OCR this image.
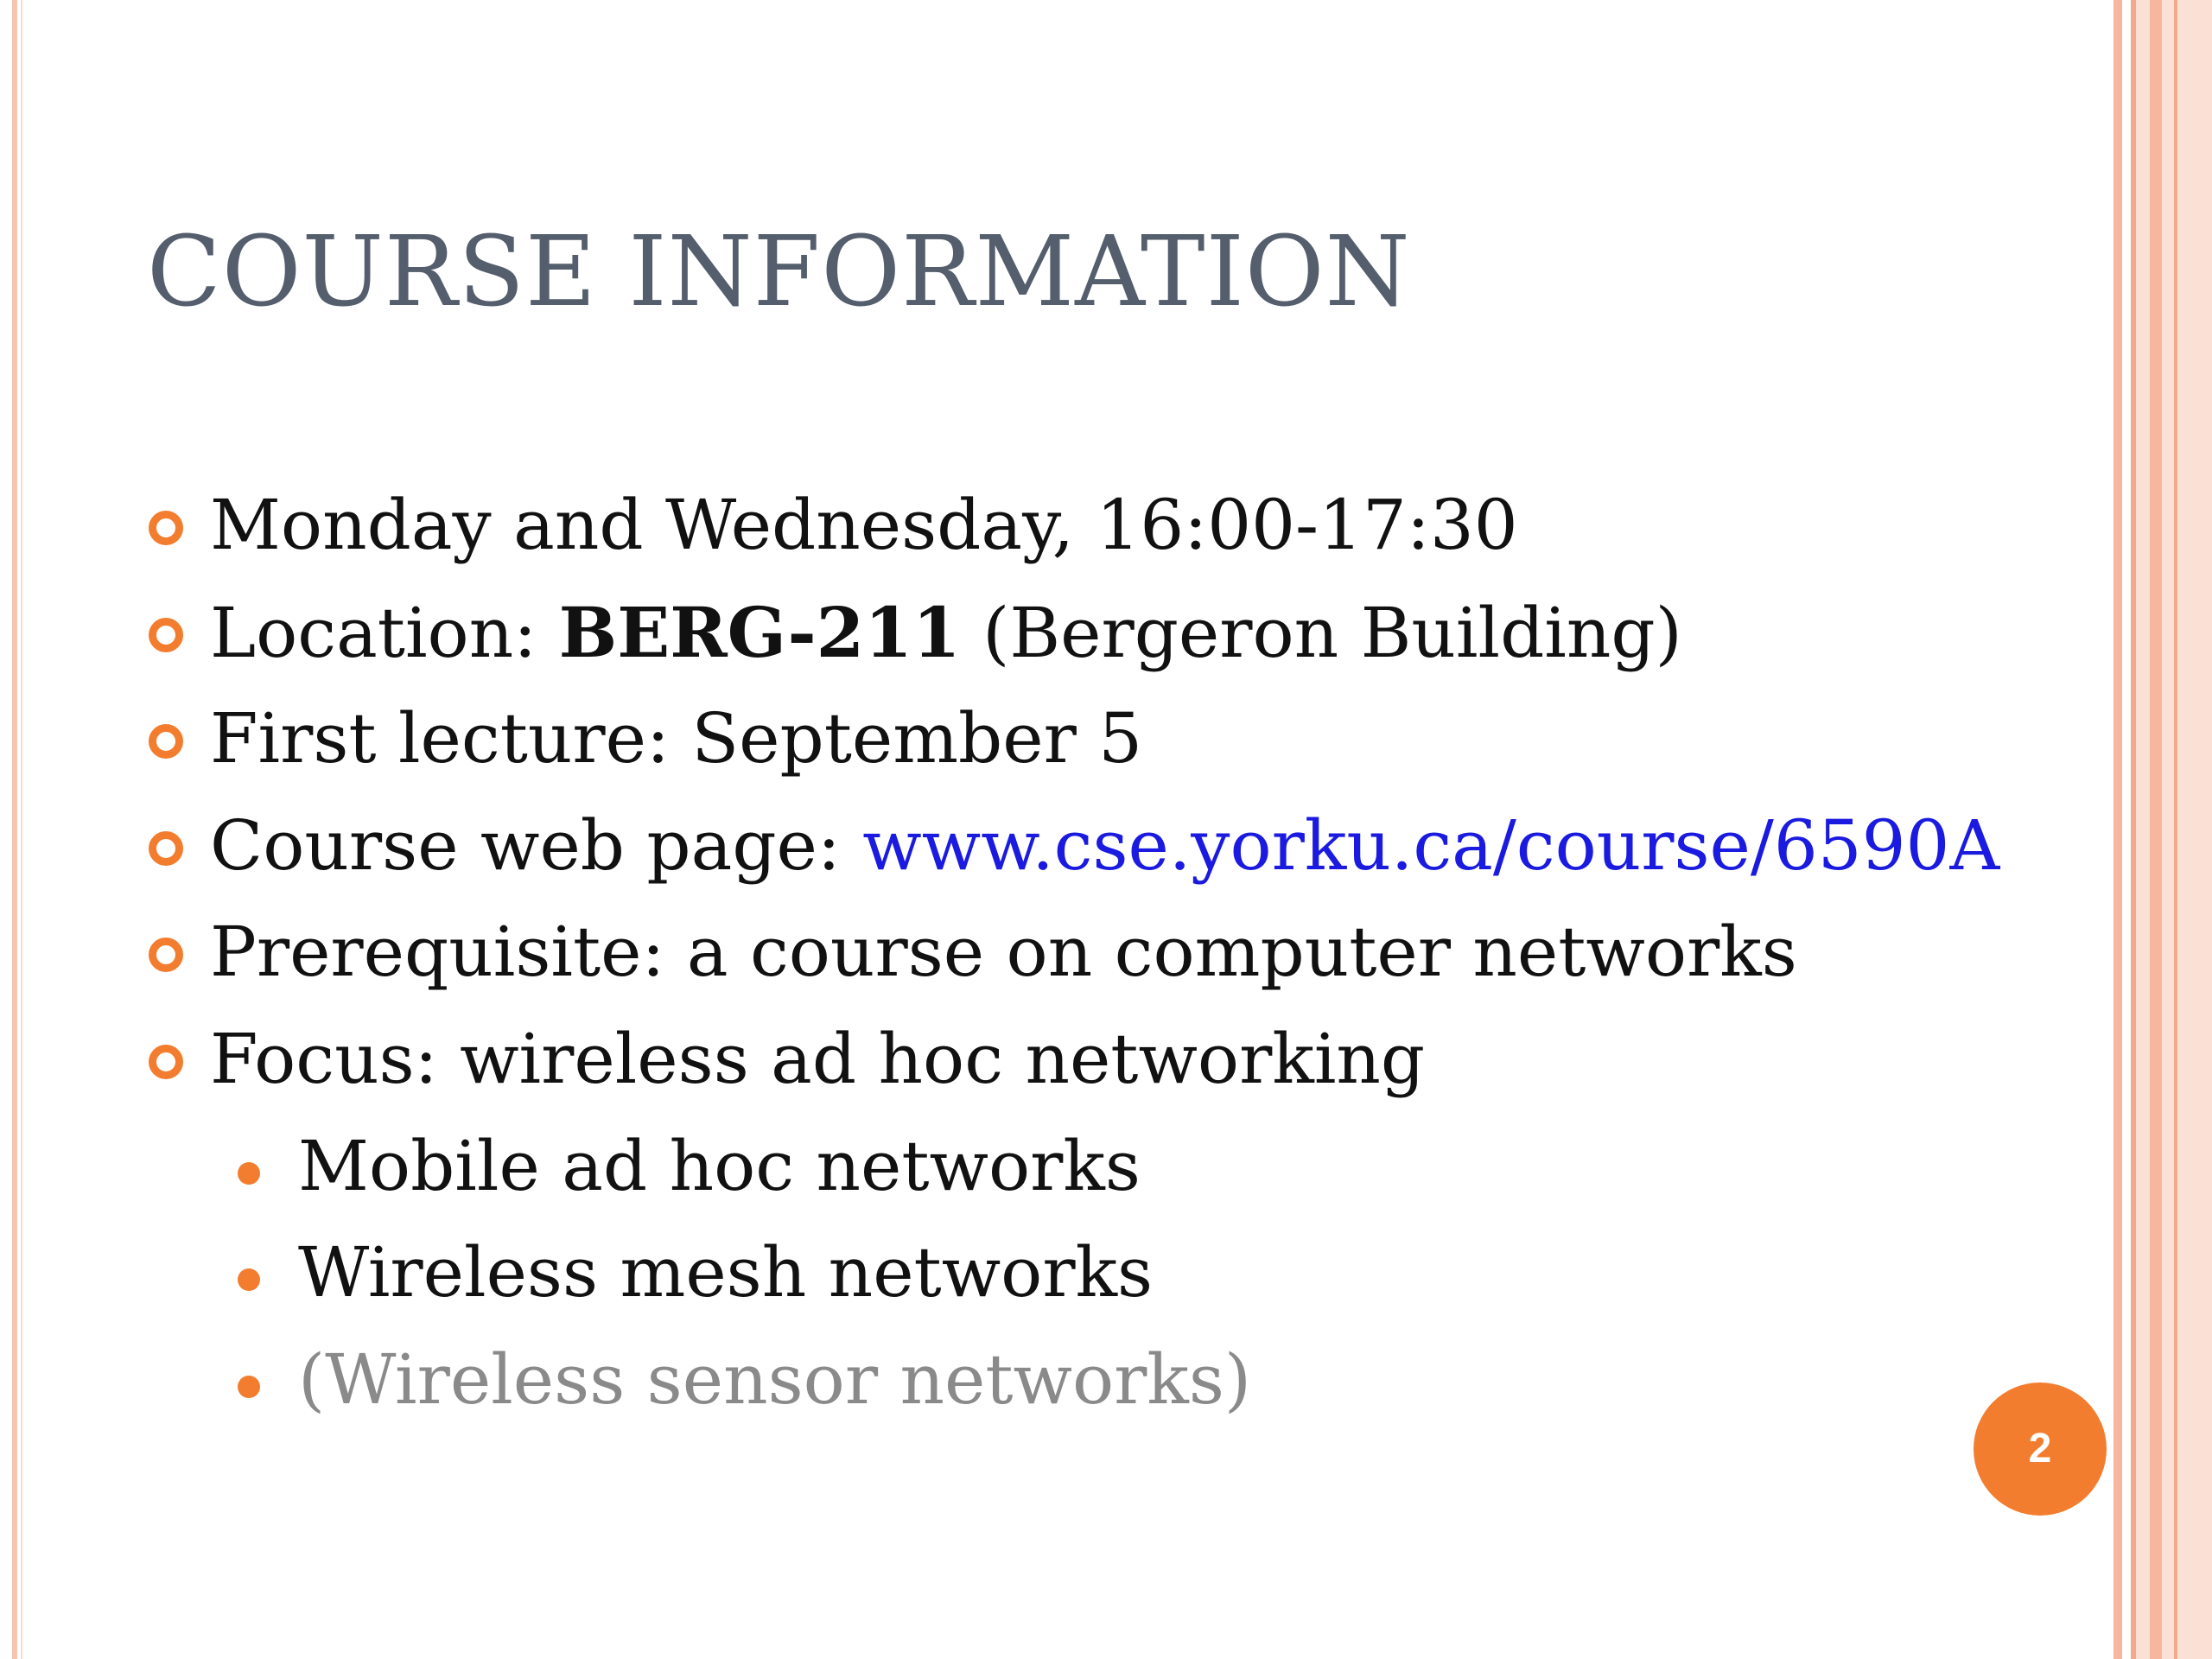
COURSE INFORMATION
Monday and Wednesday, 16:00-17:30
Location: BERG-211 (Bergeron Building)
First lecture: September 5
Course web page: www.cse.yorku.ca/course/6590A
Prerequisite: a course on computer networks
Focus: wireless ad hoc networking
Mobile ad hoc networks
Wireless mesh networks
(Wireless sensor networks)
2
